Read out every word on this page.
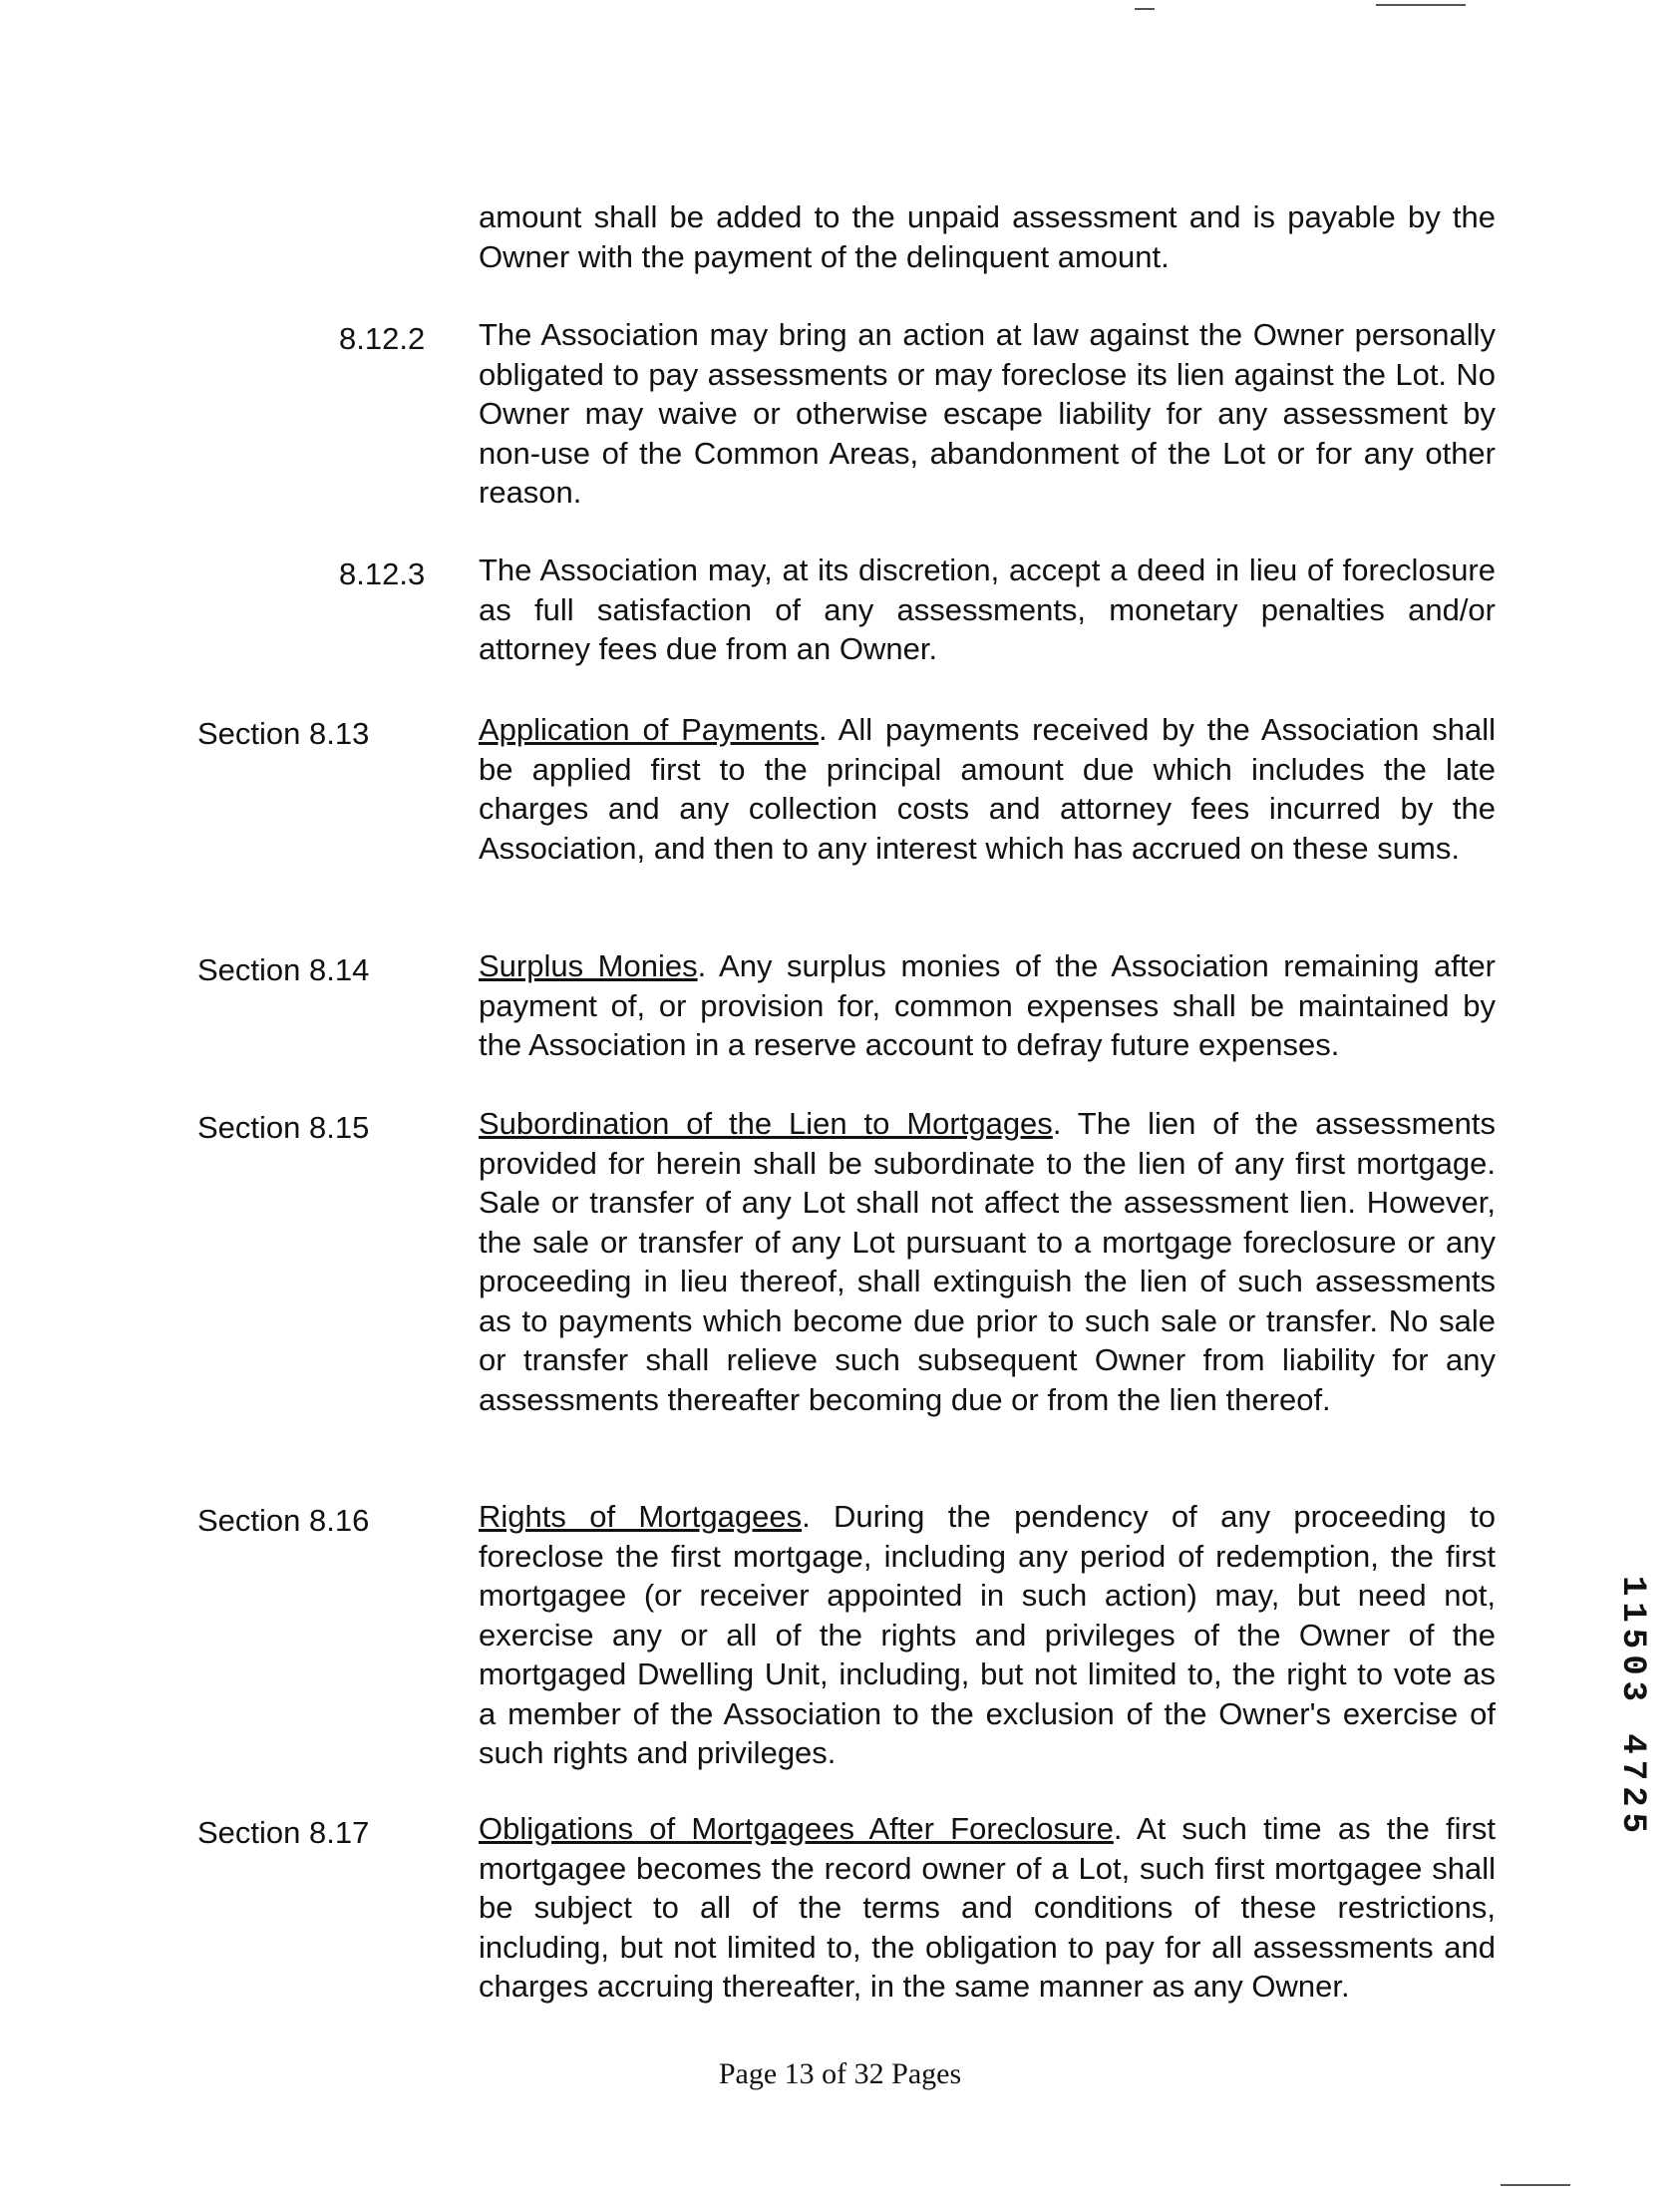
amount shall be added to the unpaid assessment and is payable by the Owner with the payment of the delinquent amount.
8.12.2 The Association may bring an action at law against the Owner personally obligated to pay assessments or may foreclose its lien against the Lot. No Owner may waive or otherwise escape liability for any assessment by non-use of the Common Areas, abandonment of the Lot or for any other reason.
8.12.3 The Association may, at its discretion, accept a deed in lieu of foreclosure as full satisfaction of any assessments, monetary penalties and/or attorney fees due from an Owner.
Section 8.13	Application of Payments. All payments received by the Association shall be applied first to the principal amount due which includes the late charges and any collection costs and attorney fees incurred by the Association, and then to any interest which has accrued on these sums.
Section 8.14	Surplus Monies. Any surplus monies of the Association remaining after payment of, or provision for, common expenses shall be maintained by the Association in a reserve account to defray future expenses.
Section 8.15	Subordination of the Lien to Mortgages. The lien of the assessments provided for herein shall be subordinate to the lien of any first mortgage. Sale or transfer of any Lot shall not affect the assessment lien. However, the sale or transfer of any Lot pursuant to a mortgage foreclosure or any proceeding in lieu thereof, shall extinguish the lien of such assessments as to payments which become due prior to such sale or transfer. No sale or transfer shall relieve such subsequent Owner from liability for any assessments thereafter becoming due or from the lien thereof.
Section 8.16	Rights of Mortgagees. During the pendency of any proceeding to foreclose the first mortgage, including any period of redemption, the first mortgagee (or receiver appointed in such action) may, but need not, exercise any or all of the rights and privileges of the Owner of the mortgaged Dwelling Unit, including, but not limited to, the right to vote as a member of the Association to the exclusion of the Owner's exercise of such rights and privileges.
Section 8.17	Obligations of Mortgagees After Foreclosure. At such time as the first mortgagee becomes the record owner of a Lot, such first mortgagee shall be subject to all of the terms and conditions of these restrictions, including, but not limited to, the obligation to pay for all assessments and charges accruing thereafter, in the same manner as any Owner.
11503 4725
Page 13 of 32 Pages
